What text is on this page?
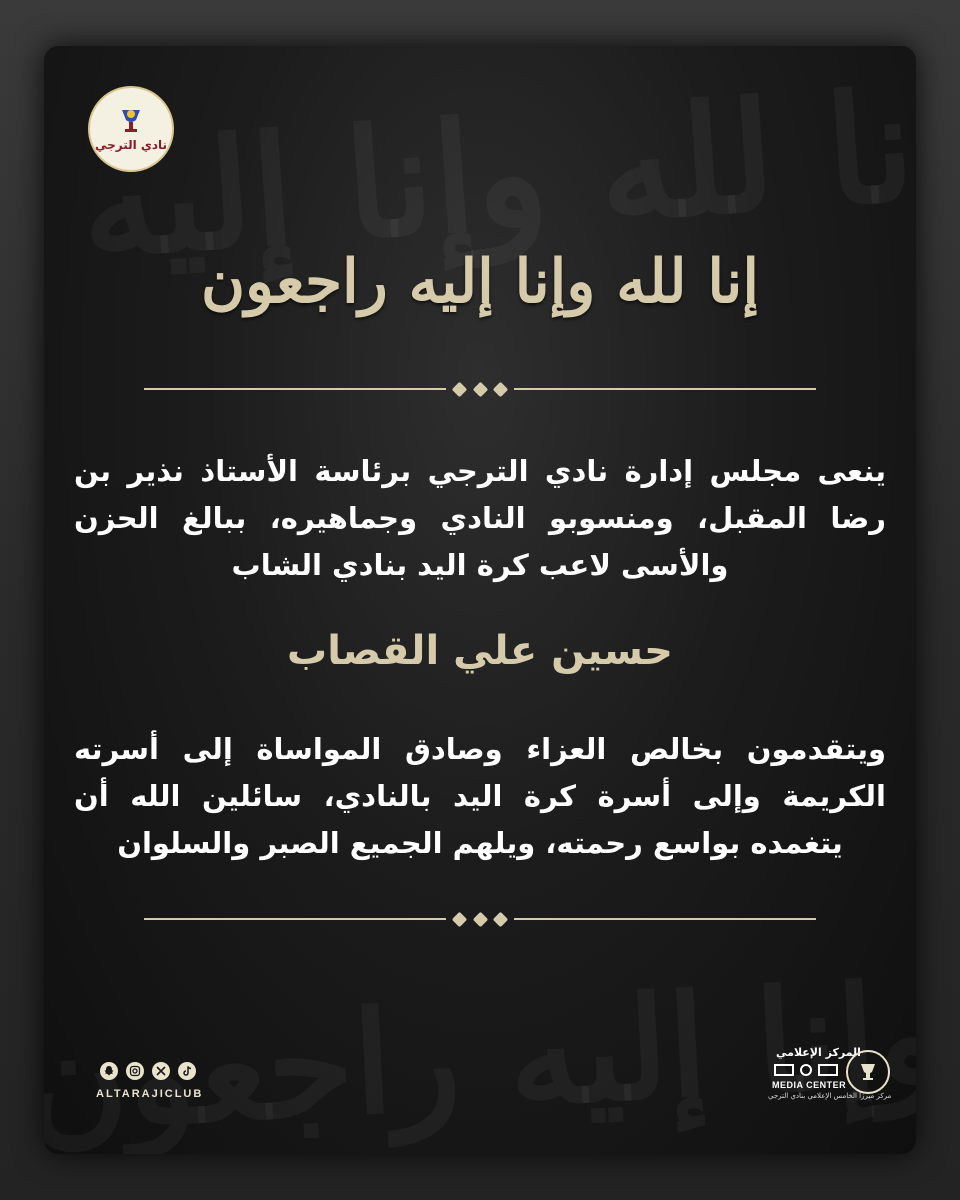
نادي الترجي
إنا لله وإنا إليه راجعون
ينعى مجلس إدارة نادي الترجي برئاسة الأستاذ نذير بن رضا المقبل، ومنسوبو النادي وجماهيره، ببالغ الحزن والأسى لاعب كرة اليد بنادي الشاب
حسين علي القصاب
ويتقدمون بخالص العزاء وصادق المواساة إلى أسرته الكريمة وإلى أسرة كرة اليد بالنادي، سائلين الله أن يتغمده بواسع رحمته، ويلهم الجميع الصبر والسلوان
ALTARAJICLUB
المركز الإعلامي
MEDIA CENTER
مركز ميرزا الخامس الإعلامي بنادي الترجي
